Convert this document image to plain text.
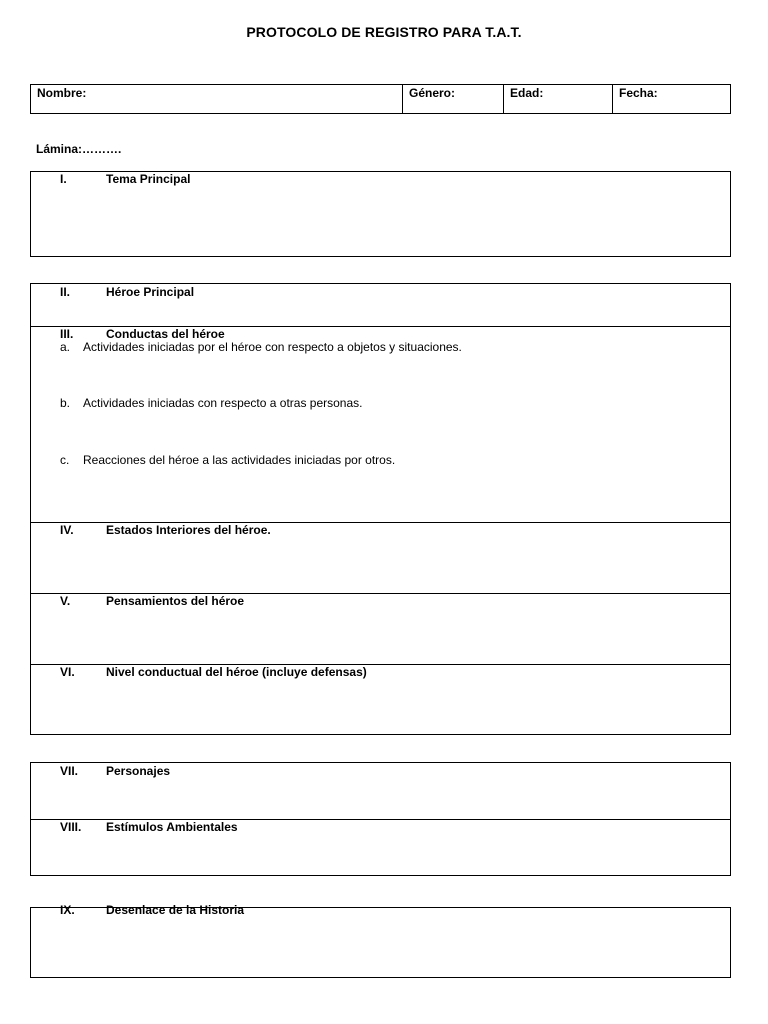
PROTOCOLO DE REGISTRO PARA T.A.T.
Nombre:	Género:	Edad:	Fecha:
Lámina:……….
I.	Tema Principal
II.	Héroe Principal
III.	Conductas del héroe
a. Actividades iniciadas por el héroe con respecto a objetos y situaciones.
b. Actividades iniciadas con respecto a otras personas.
c. Reacciones del héroe a las actividades iniciadas por otros.
IV.	Estados Interiores del héroe.
V.	Pensamientos del héroe
VI.	Nivel conductual del héroe (incluye defensas)
VII. Personajes
VIII. Estímulos Ambientales
IX.	Desenlace de la Historia
